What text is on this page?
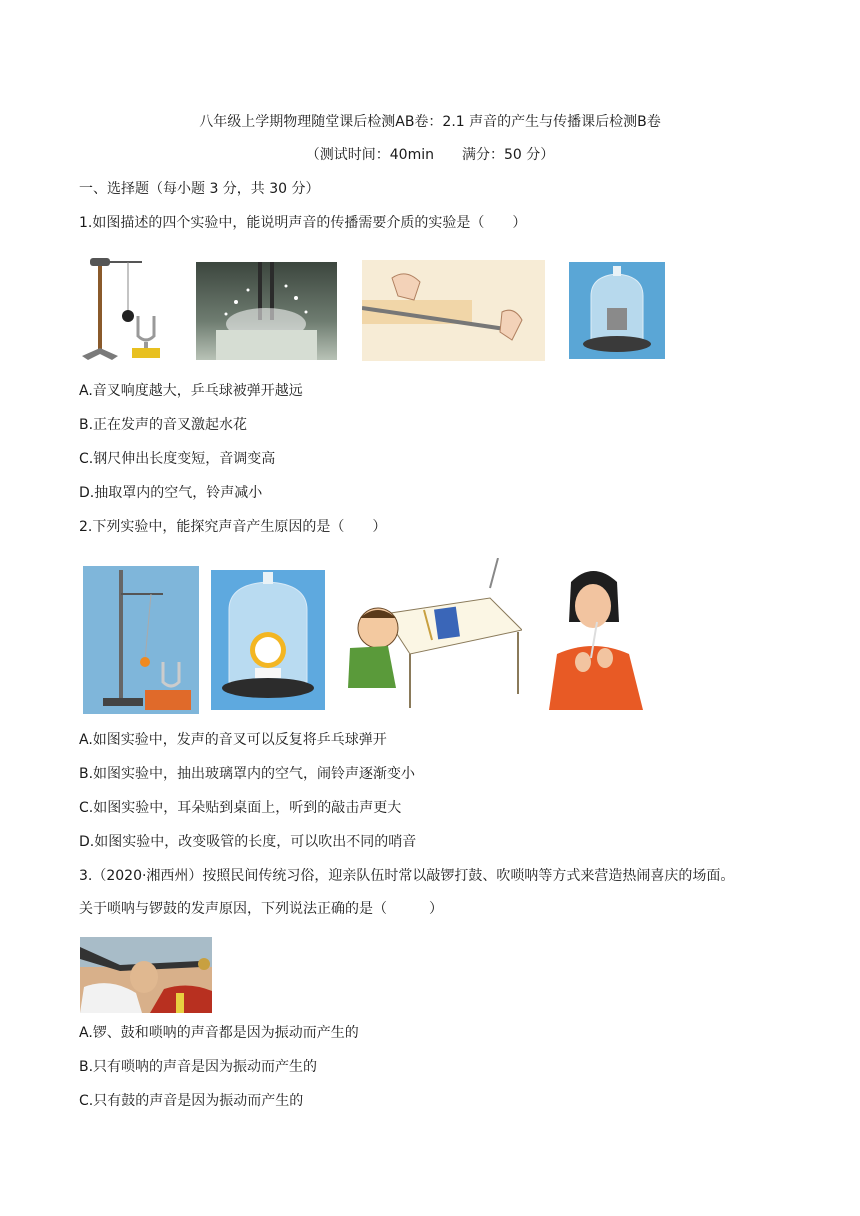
八年级上学期物理随堂课后检测AB卷：2.1 声音的产生与传播课后检测B卷
（测试时间：40min　　满分：50 分）
一、选择题（每小题 3 分，共 30 分）
1.如图描述的四个实验中，能说明声音的传播需要介质的实验是（　　）
A.音叉响度越大，乒乓球被弹开越远
B.正在发声的音叉激起水花
C.钢尺伸出长度变短，音调变高
D.抽取罩内的空气，铃声减小
2.下列实验中，能探究声音产生原因的是（　　）
A.如图实验中，发声的音叉可以反复将乒乓球弹开
B.如图实验中，抽出玻璃罩内的空气，闹铃声逐渐变小
C.如图实验中，耳朵贴到桌面上，听到的敲击声更大
D.如图实验中，改变吸管的长度，可以吹出不同的哨音
3.（2020·湘西州）按照民间传统习俗，迎亲队伍时常以敲锣打鼓、吹唢呐等方式来营造热闹喜庆的场面。
关于唢呐与锣鼓的发声原因，下列说法正确的是（　　　）
A.锣、鼓和唢呐的声音都是因为振动而产生的
B.只有唢呐的声音是因为振动而产生的
C.只有鼓的声音是因为振动而产生的
